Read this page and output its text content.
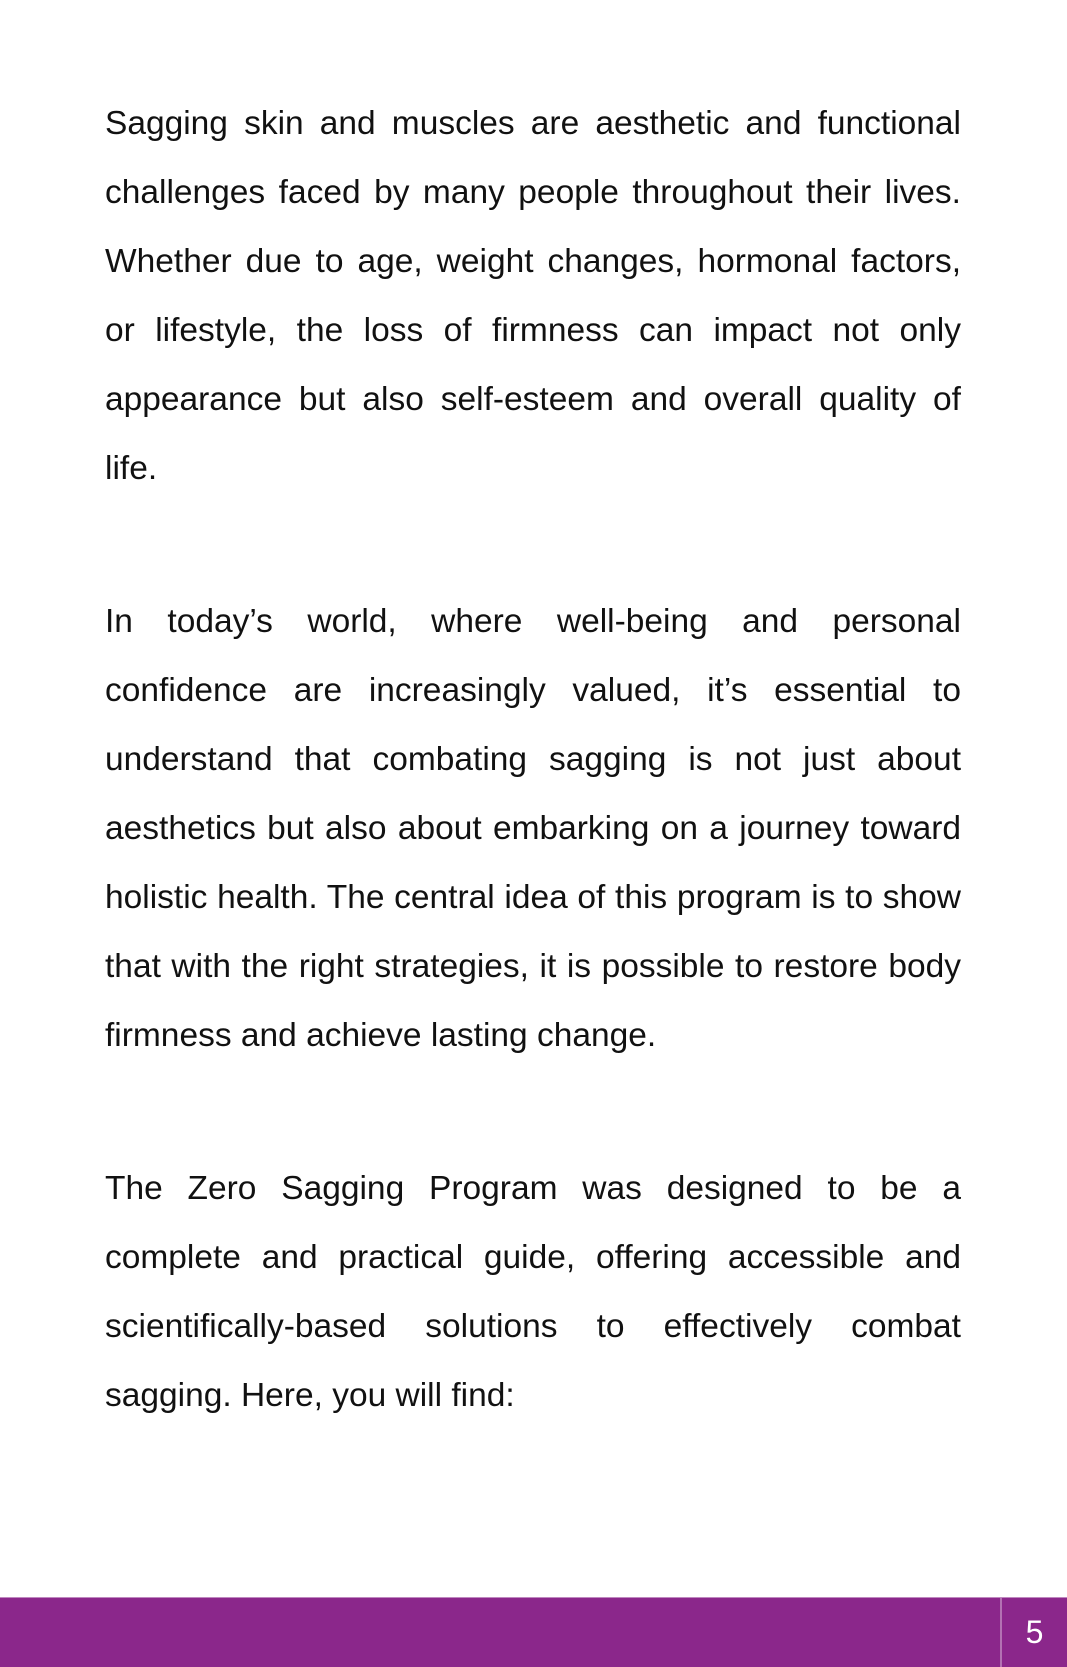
Sagging skin and muscles are aesthetic and functional challenges faced by many people throughout their lives. Whether due to age, weight changes, hormonal factors, or lifestyle, the loss of firmness can impact not only appearance but also self-esteem and overall quality of life.

In today’s world, where well-being and personal confidence are increasingly valued, it’s essential to understand that combating sagging is not just about aesthetics but also about embarking on a journey toward holistic health. The central idea of this program is to show that with the right strategies, it is possible to restore body firmness and achieve lasting change.

The Zero Sagging Program was designed to be a complete and practical guide, offering accessible and scientifically-based solutions to effectively combat sagging. Here, you will find:

5
